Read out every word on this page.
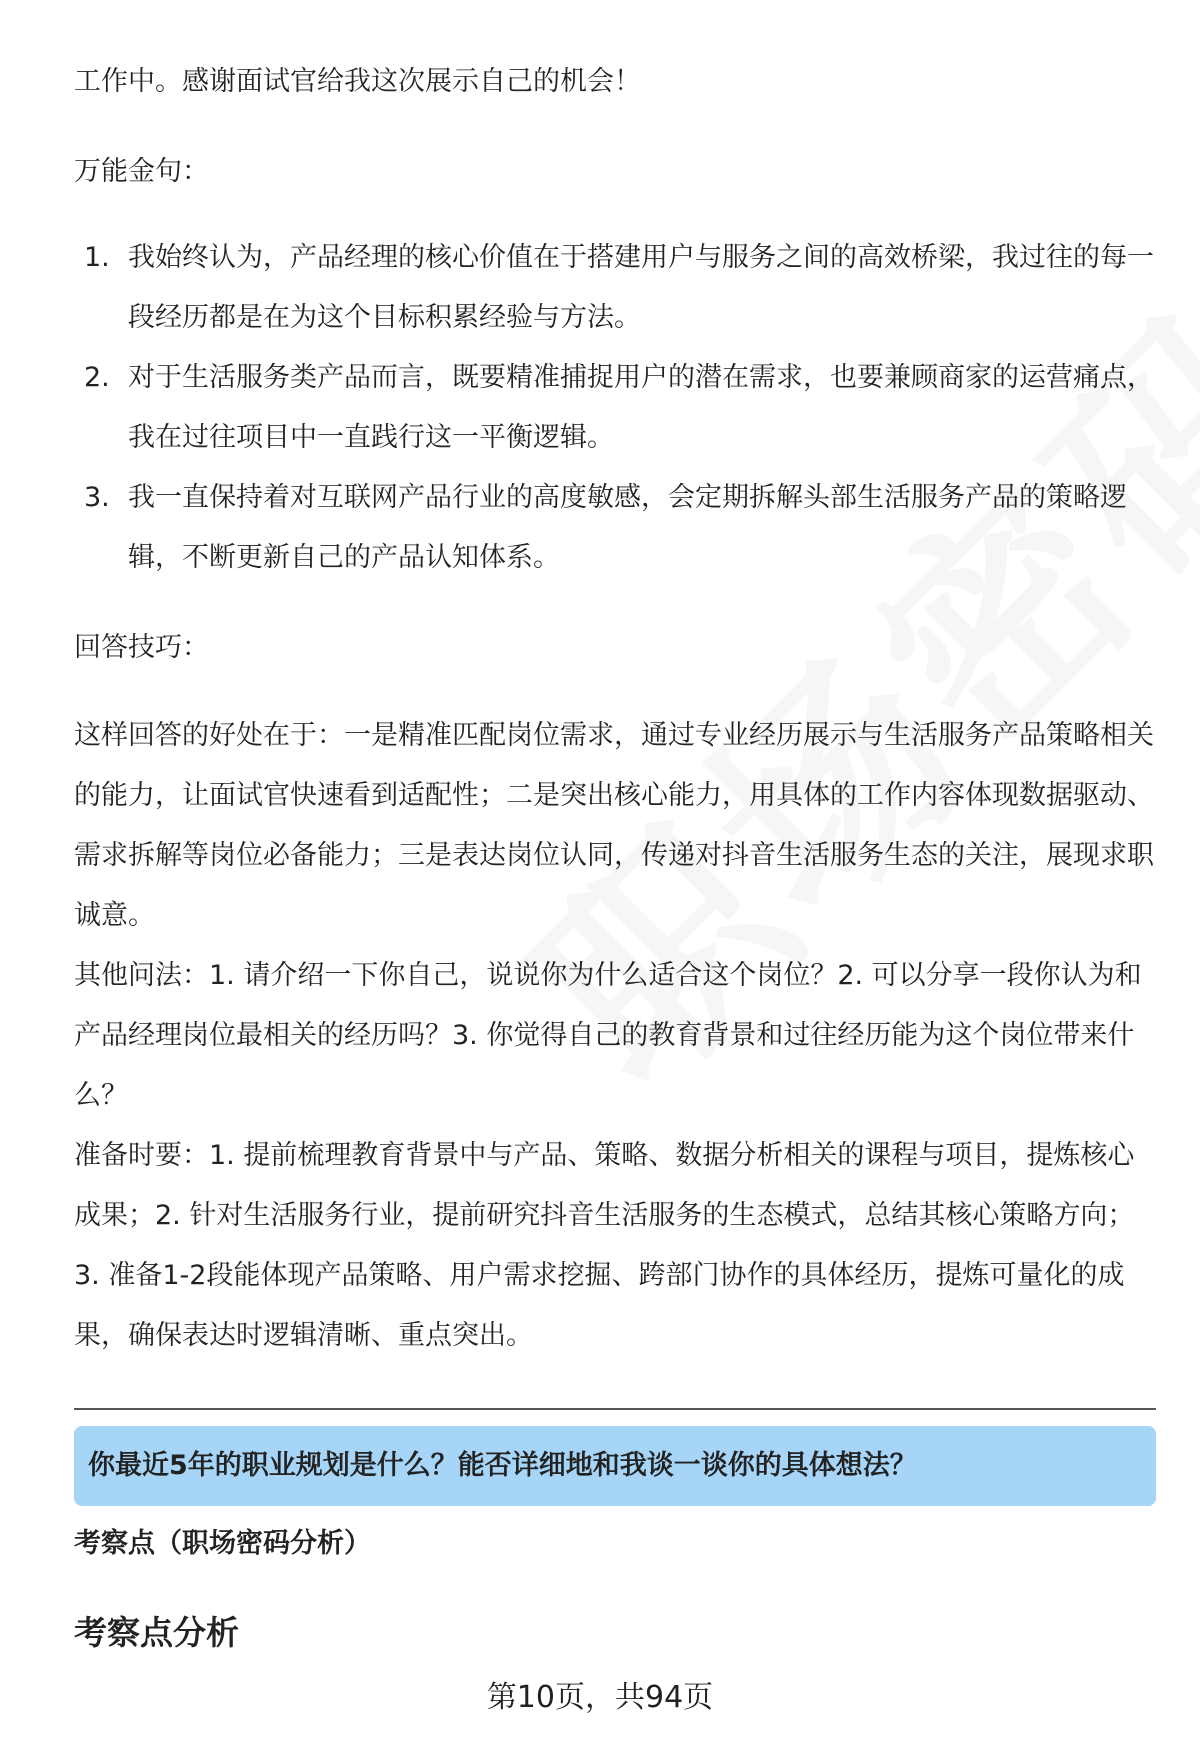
工作中。感谢面试官给我这次展示自己的机会！

万能金句：

1. 我始终认为，产品经理的核心价值在于搭建用户与服务之间的高效桥梁，我过往的每一段经历都是在为这个目标积累经验与方法。
2. 对于生活服务类产品而言，既要精准捕捉用户的潜在需求，也要兼顾商家的运营痛点，我在过往项目中一直践行这一平衡逻辑。
3. 我一直保持着对互联网产品行业的高度敏感，会定期拆解头部生活服务产品的策略逻辑，不断更新自己的产品认知体系。

回答技巧：

这样回答的好处在于：一是精准匹配岗位需求，通过专业经历展示与生活服务产品策略相关的能力，让面试官快速看到适配性；二是突出核心能力，用具体的工作内容体现数据驱动、需求拆解等岗位必备能力；三是表达岗位认同，传递对抖音生活服务生态的关注，展现求职诚意。

其他问法：1. 请介绍一下你自己，说说你为什么适合这个岗位？2. 可以分享一段你认为和产品经理岗位最相关的经历吗？3. 你觉得自己的教育背景和过往经历能为这个岗位带来什么？

准备时要：1. 提前梳理教育背景中与产品、策略、数据分析相关的课程与项目，提炼核心成果；2. 针对生活服务行业，提前研究抖音生活服务的生态模式，总结其核心策略方向；3. 准备1-2段能体现产品策略、用户需求挖掘、跨部门协作的具体经历，提炼可量化的成果，确保表达时逻辑清晰、重点突出。

你最近5年的职业规划是什么？能否详细地和我谈一谈你的具体想法？
考察点（职场密码分析）
考察点分析
第10页，共94页
